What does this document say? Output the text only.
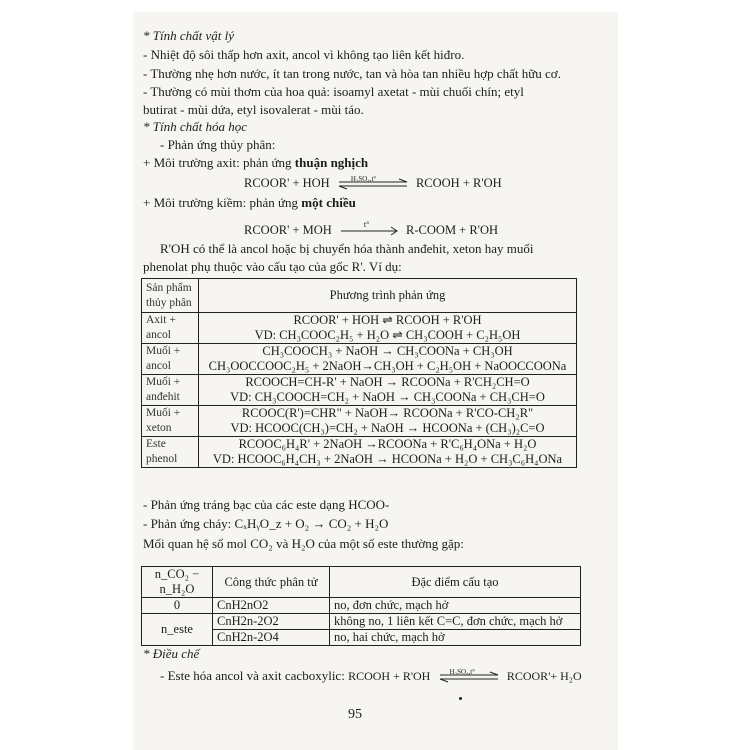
* Tính chất vật lý
- Nhiệt độ sôi thấp hơn axit, ancol vì không tạo liên kết hiđro.
- Thường nhẹ hơn nước, ít tan trong nước, tan và hòa tan nhiều hợp chất hữu cơ.
- Thường có mùi thơm của hoa quả: isoamyl axetat - mùi chuối chín; etyl
butirat - mùi dứa, etyl isovalerat - mùi táo.
* Tính chất hóa học
- Phản ứng thủy phân:
+ Môi trường axit: phản ứng thuận nghịch
RCOOR' + HOH	H₂SO₄,t°	RCOOH + R'OH
+ Môi trường kiềm: phản ứng một chiều
RCOOR' + MOH	t°	R-COOM + R'OH
R'OH có thể là ancol hoặc bị chuyển hóa thành anđehit, xeton hay muối
phenolat phụ thuộc vào cấu tạo của gốc R'. Ví dụ:
Sản phẩm thủy phân	Phương trình phản ứng
Axit + ancol	RCOOR' + HOH ⇌ RCOOH + R'OH
VD: CH₃COOC₂H₅ + H₂O ⇌ CH₃COOH + C₂H₅OH

Muối + ancol	CH₃COOCH₃ + NaOH → CH₃COONa + CH₃OH
CH₃OOCCOOC₂H₅ + 2NaOH→CH₃OH + C₂H₅OH + NaOOCCOONa

Muối + anđehit	RCOOCH=CH-R' + NaOH → RCOONa + R'CH₂CH=O
VD: CH₃COOCH=CH₂ + NaOH → CH₃COONa + CH₃CH=O

Muối + xeton	RCOOC(R')=CHR" + NaOH→ RCOONa + R'CO-CH₂R"
VD: HCOOC(CH₃)=CH₂ + NaOH → HCOONa + (CH₃)₂C=O

Este phenol	RCOOC₆H₄R' + 2NaOH →RCOONa + R'C₆H₄ONa + H₂O
VD: HCOOC₆H₄CH₃ + 2NaOH → HCOONa + H₂O + CH₃C₆H₄ONa
- Phản ứng tráng bạc của các este dạng HCOO-
- Phản ứng cháy: CₓHᵧO_z + O₂ → CO₂ + H₂O
Mối quan hệ số mol CO₂ và H₂O của một số este thường gặp:
n_CO₂ − n_H₂O	Công thức phân tử	Đặc điểm cấu tạo
0	CnH2nO2	no, đơn chức, mạch hở
n_este	CnH2n-2O2	không no, 1 liên kết C=C, đơn chức, mạch hở
	CnH2n-2O4	no, hai chức, mạch hở
* Điều chế
- Este hóa ancol và axit cacboxylic: RCOOH + R'OH	H₂SO₄,t°	RCOOR'+ H₂O
95
